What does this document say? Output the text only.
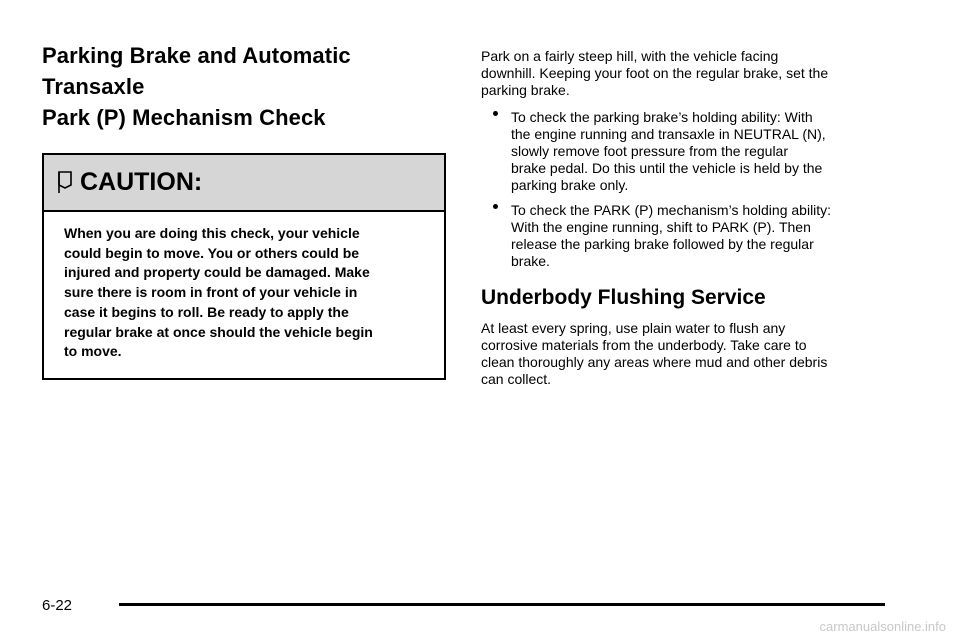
Parking Brake and Automatic Transaxle
Park (P) Mechanism Check
CAUTION:
When you are doing this check, your vehicle
could begin to move. You or others could be
injured and property could be damaged. Make
sure there is room in front of your vehicle in
case it begins to roll. Be ready to apply the
regular brake at once should the vehicle begin
to move.

Park on a fairly steep hill, with the vehicle facing
downhill. Keeping your foot on the regular brake, set the
parking brake.

To check the parking brake’s holding ability: With
the engine running and transaxle in NEUTRAL (N),
slowly remove foot pressure from the regular
brake pedal. Do this until the vehicle is held by the
parking brake only.
To check the PARK (P) mechanism’s holding ability:
With the engine running, shift to PARK (P). Then
release the parking brake followed by the regular
brake.
Underbody Flushing Service

At least every spring, use plain water to flush any
corrosive materials from the underbody. Take care to
clean thoroughly any areas where mud and other debris
can collect.

6-22
carmanualsonline.info
